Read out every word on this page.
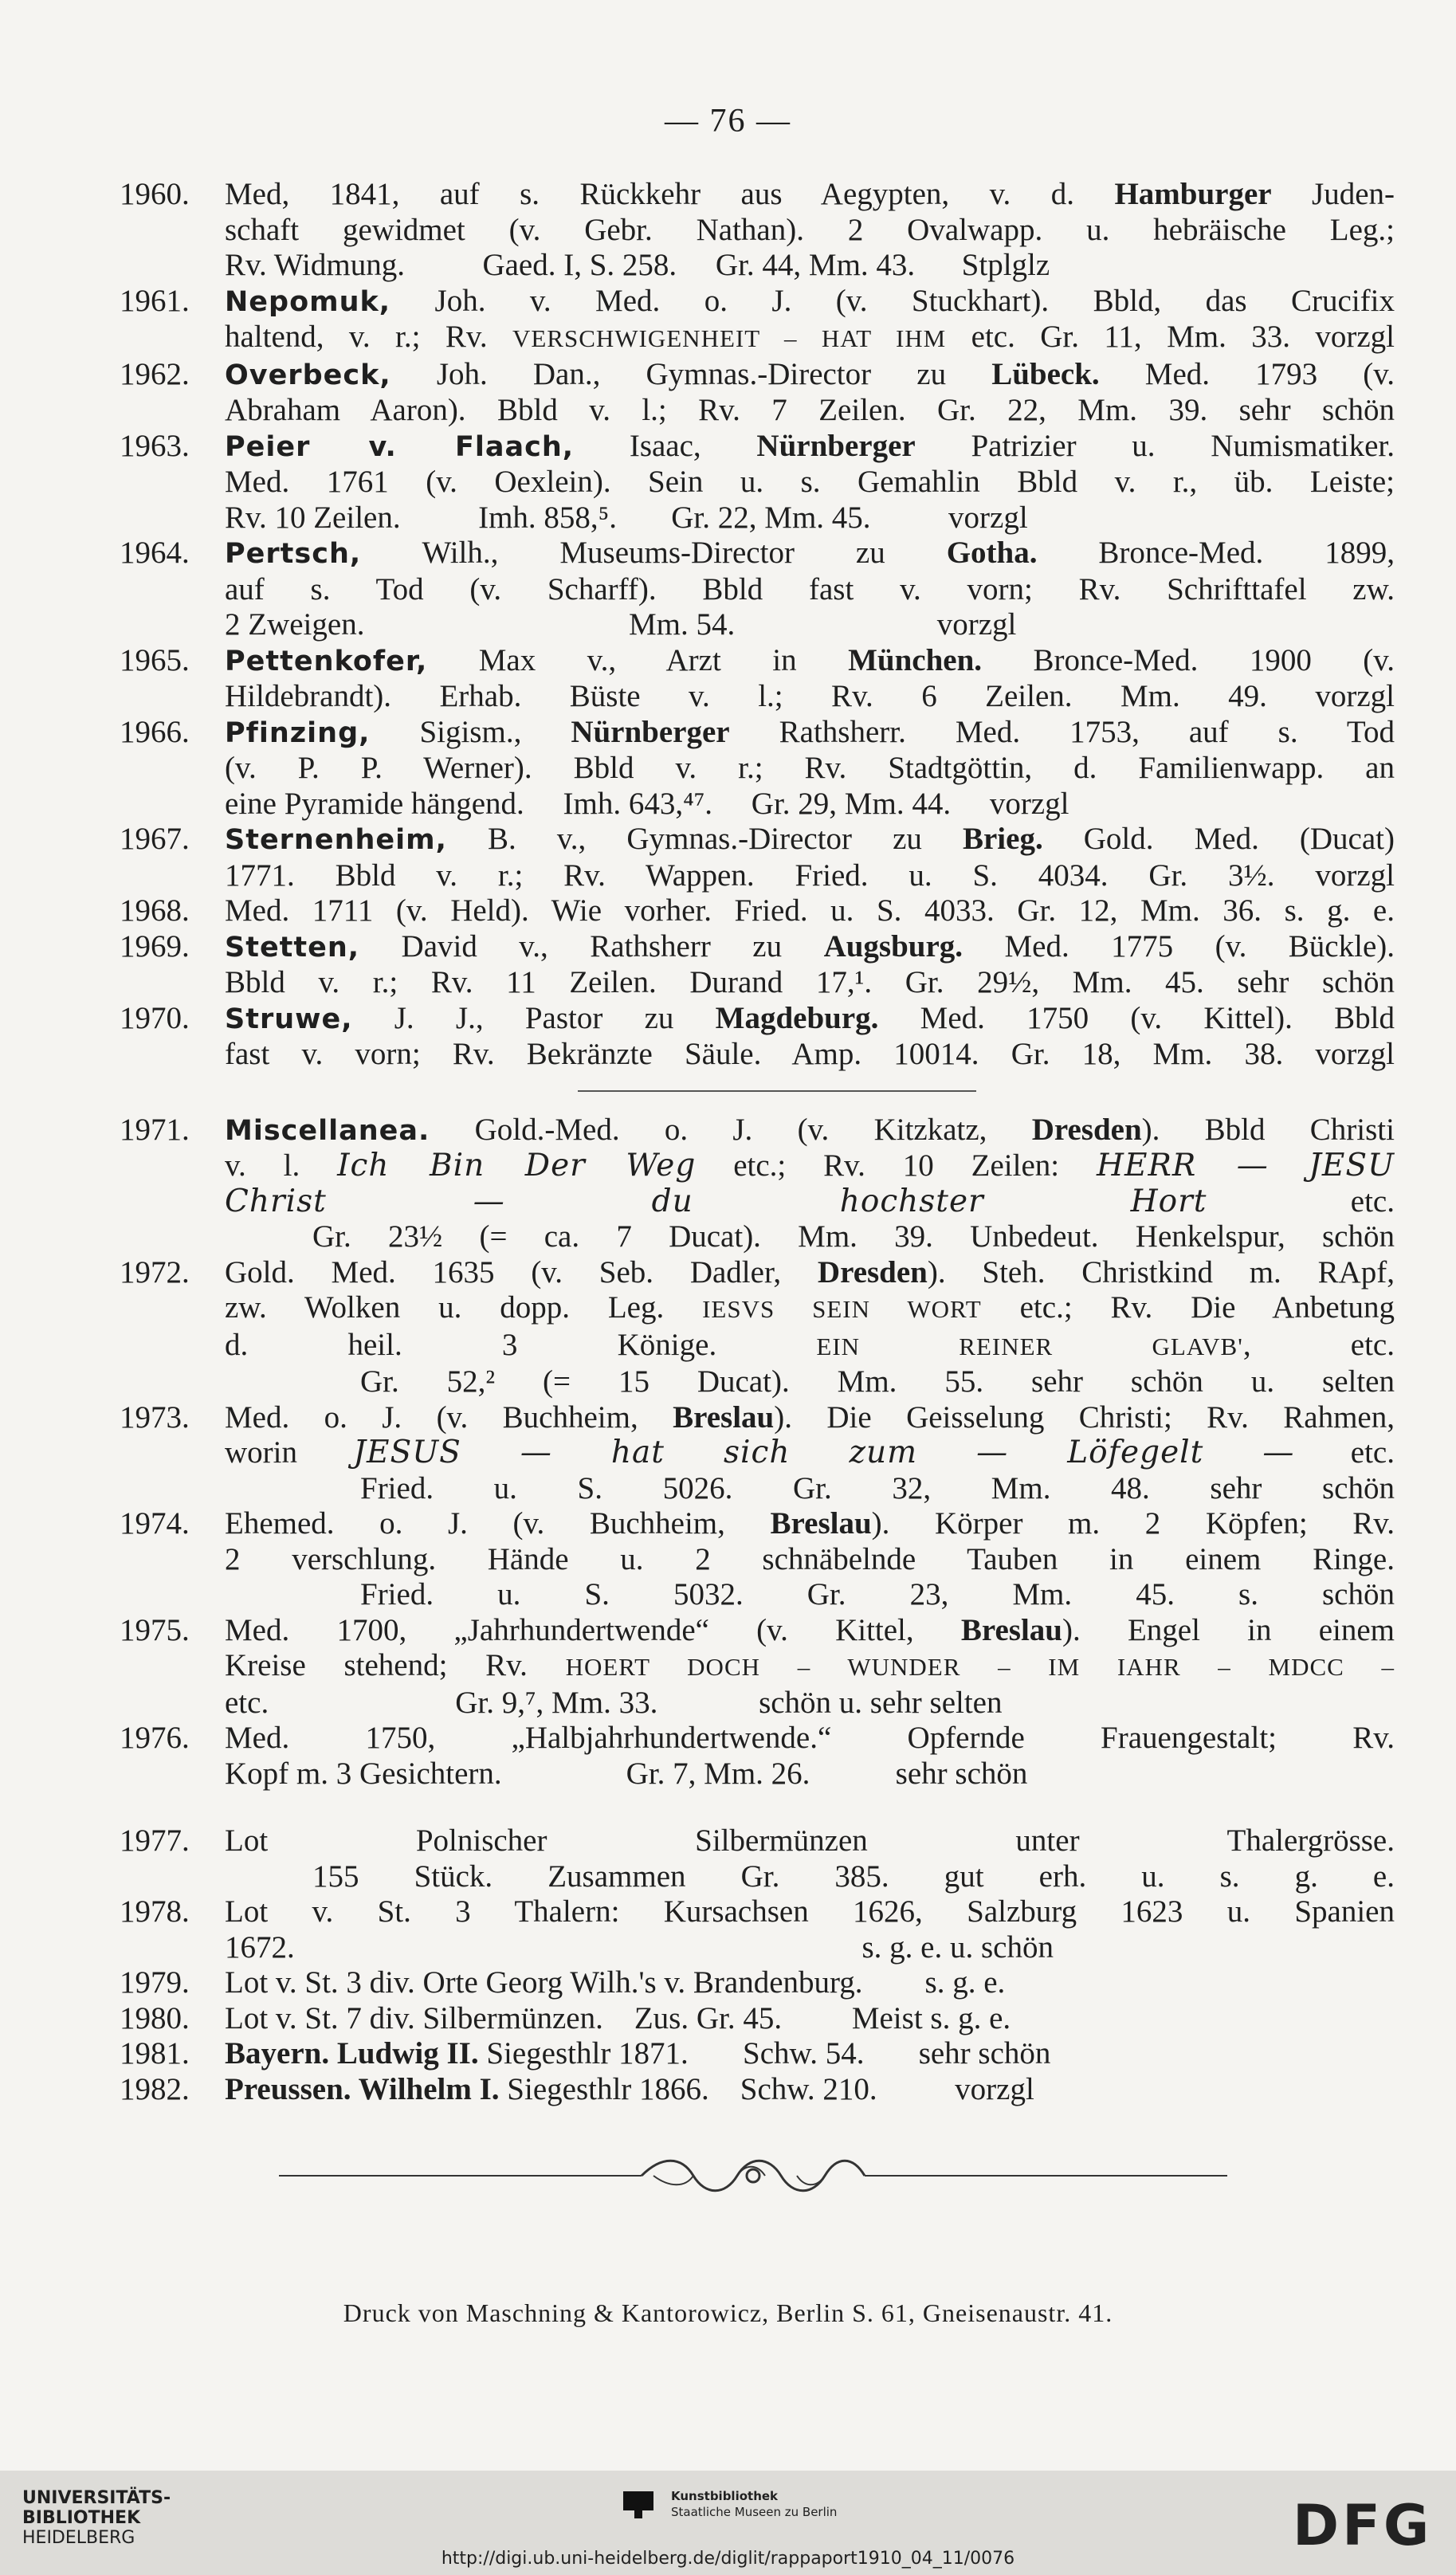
— 76 —
1960.	Med, 1841, auf s. Rückkehr aus Aegypten, v. d. Hamburger Juden-

schaft gewidmet (v. Gebr. Nathan). 2 Ovalwapp. u. hebräische Leg.;

Rv. Widmung.          Gaed. I, S. 258.     Gr. 44, Mm. 43.      Stplglz

1961.	Nepomuk, Joh. v. Med. o. J. (v. Stuckhart). Bbld, das Crucifix

haltend, v. r.; Rv. VERSCHWIGENHEIT – HAT IHM etc. Gr. 11, Mm. 33. vorzgl

1962.	Overbeck, Joh. Dan., Gymnas.-Director zu Lübeck. Med. 1793 (v.

Abraham Aaron). Bbld v. l.; Rv. 7 Zeilen. Gr. 22, Mm. 39. sehr schön

1963.	Peier v. Flaach, Isaac, Nürnberger Patrizier u. Numismatiker.

Med. 1761 (v. Oexlein). Sein u. s. Gemahlin Bbld v. r., üb. Leiste;

Rv. 10 Zeilen.          Imh. 858,⁵.       Gr. 22, Mm. 45.          vorzgl

1964.	Pertsch, Wilh., Museums-Director zu Gotha. Bronce-Med. 1899,

auf s. Tod (v. Scharff). Bbld fast v. vorn; Rv. Schrifttafel zw.

2 Zweigen.                                  Mm. 54.                          vorzgl

1965.	Pettenkofer, Max v., Arzt in München. Bronce-Med. 1900 (v.

Hildebrandt). Erhab. Büste v. l.; Rv. 6 Zeilen. Mm. 49. vorzgl

1966.	Pfinzing, Sigism., Nürnberger Rathsherr. Med. 1753, auf s. Tod

(v. P. P. Werner). Bbld v. r.; Rv. Stadtgöttin, d. Familienwapp. an

eine Pyramide hängend.     Imh. 643,⁴⁷.     Gr. 29, Mm. 44.     vorzgl

1967.	Sternenheim, B. v., Gymnas.-Director zu Brieg. Gold. Med. (Ducat)

1771. Bbld v. r.; Rv. Wappen. Fried. u. S. 4034. Gr. 3½. vorzgl

1968.	Med. 1711 (v. Held). Wie vorher. Fried. u. S. 4033. Gr. 12, Mm. 36. s. g. e.

1969.	Stetten, David v., Rathsherr zu Augsburg. Med. 1775 (v. Bückle).

Bbld v. r.; Rv. 11 Zeilen. Durand 17,¹. Gr. 29½, Mm. 45. sehr schön

1970.	Struwe, J. J., Pastor zu Magdeburg. Med. 1750 (v. Kittel). Bbld

fast v. vorn; Rv. Bekränzte Säule. Amp. 10014. Gr. 18, Mm. 38. vorzgl

1971.	Miscellanea. Gold.-Med. o. J. (v. Kitzkatz, Dresden). Bbld Christi

v. l. Ich Bin Der Weg etc.; Rv. 10 Zeilen: HERR — JESU

Christ — du hochster Hort etc.

Gr. 23½ (= ca. 7 Ducat). Mm. 39. Unbedeut. Henkelspur, schön

1972.	Gold. Med. 1635 (v. Seb. Dadler, Dresden). Steh. Christkind m. RApf,

zw. Wolken u. dopp. Leg. IESVS SEIN WORT etc.; Rv. Die Anbetung

d. heil. 3 Könige. EIN REINER GLAVB', etc.

Gr. 52,² (= 15 Ducat). Mm. 55. sehr schön u. selten

1973.	Med. o. J. (v. Buchheim, Breslau). Die Geisselung Christi; Rv. Rahmen,

worin JESUS — hat sich zum — Löfegelt — etc.

Fried. u. S. 5026. Gr. 32, Mm. 48. sehr schön

1974.	Ehemed. o. J. (v. Buchheim, Breslau). Körper m. 2 Köpfen; Rv.

2 verschlung. Hände u. 2 schnäbelnde Tauben in einem Ringe.

Fried. u. S. 5032. Gr. 23, Mm. 45. s. schön

1975.	Med. 1700, „Jahrhundertwende“ (v. Kittel, Breslau). Engel in einem

Kreise stehend; Rv. HOERT DOCH – WUNDER – IM IAHR – MDCC –

etc.                        Gr. 9,⁷, Mm. 33.             schön u. sehr selten

1976.	Med. 1750, „Halbjahrhundertwende.“ Opfernde Frauengestalt; Rv.

Kopf m. 3 Gesichtern.                Gr. 7, Mm. 26.           sehr schön

1977.	Lot Polnischer Silbermünzen unter Thalergrösse.

155 Stück. Zusammen Gr. 385. gut erh. u. s. g. e.

1978.	Lot v. St. 3 Thalern: Kursachsen 1626, Salzburg 1623 u. Spanien

1672.                                                                         s. g. e. u. schön

1979.	Lot v. St. 3 div. Orte Georg Wilh.'s v. Brandenburg.        s. g. e.

1980.	Lot v. St. 7 div. Silbermünzen.    Zus. Gr. 45.         Meist s. g. e.

1981.	Bayern. Ludwig II. Siegesthlr 1871.       Schw. 54.       sehr schön

1982.	Preussen. Wilhelm I. Siegesthlr 1866.    Schw. 210.          vorzgl

Druck von Maschning & Kantorowicz, Berlin S. 61, Gneisenaustr. 41.
UNIVERSITÄTS-
BIBLIOTHEK
HEIDELBERG
Kunstbibliothek
Staatliche Museen zu Berlin	DFG
http://digi.ub.uni-heidelberg.de/diglit/rappaport1910_04_11/0076
